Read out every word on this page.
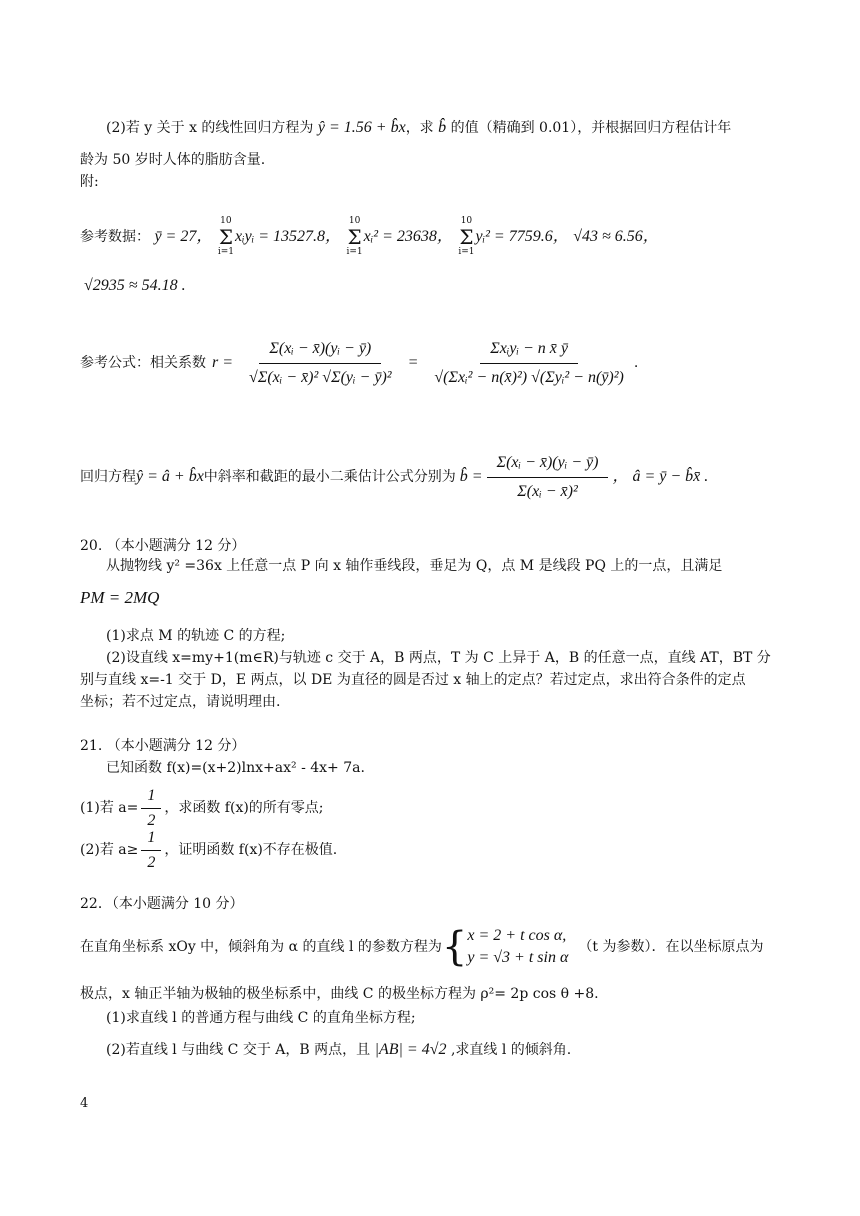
(2)若 y 关于 x 的线性回归方程为 ŷ = 1.56 + b̂x，求 b̂ 的值（精确到 0.01），并根据回归方程估计年
龄为 50 岁时人体的脂肪含量.
附:
参考数据： ȳ = 27，
10
Σ
i=1
xᵢyᵢ = 13527.8，
10
Σ
i=1
xᵢ² = 23638，
10
Σ
i=1
yᵢ² = 7759.6， √43 ≈ 6.56，
√2935 ≈ 54.18 .
参考公式：相关系数 $r = \frac{\text{Σ(xᵢ − x̄)(yᵢ − ȳ)}}{\text{√Σ(xᵢ − x̄)² √Σ(yᵢ − ȳ)²}} = \frac{\text{Σxᵢyᵢ − n x̄ ȳ}}{\text{√(Σxᵢ² − n(x̄)²) √(Σyᵢ² − n(ȳ)²)}}$ .
回归方程 ŷ = â + b̂x 中斜率和截距的最小二乘估计公式分别为 b̂ = $\frac{\text{Σ(xᵢ − x̄)(yᵢ − ȳ)}}{\text{Σ(xᵢ − x̄)²}}$ ， â = ȳ − b̂x̄ .
20. （本小题满分 12 分）
从抛物线 y² =36x 上任意一点 P 向 x 轴作垂线段，垂足为 Q，点 M 是线段 PQ 上的一点，且满足
PM = 2MQ
(1)求点 M 的轨迹 C 的方程;
(2)设直线 x=my+1(m∈R)与轨迹 c 交于 A，B 两点，T 为 C 上异于 A，B 的任意一点，直线 AT，BT 分
别与直线 x=-1 交于 D，E 两点，以 DE 为直径的圆是否过 x 轴上的定点？若过定点，求出符合条件的定点
坐标；若不过定点，请说明理由.
21. （本小题满分 12 分）
已知函数 f(x)=(x+2)lnx+ax² - 4x+ 7a.
(1)若 $a= \frac{1}{2}$ ，求函数 f(x)的所有零点;
(2)若 $a\ge \frac{1}{2}$ ，证明函数 f(x)不存在极值.
22．（本小题满分 10 分）
在直角坐标系 xOy 中，倾斜角为 α 的直线 l 的参数方程为 { x = 2 + t cos α,
y = √3 + t sin α
（t 为参数）．在以坐标原点为
极点，x 轴正半轴为极轴的极坐标系中，曲线 C 的极坐标方程为 ρ²= 2p cos θ +8.
(1)求直线 l 的普通方程与曲线 C 的直角坐标方程;
(2)若直线 l 与曲线 C 交于 A，B 两点，且 |AB| = 4√2 ,求直线 l 的倾斜角.
4
